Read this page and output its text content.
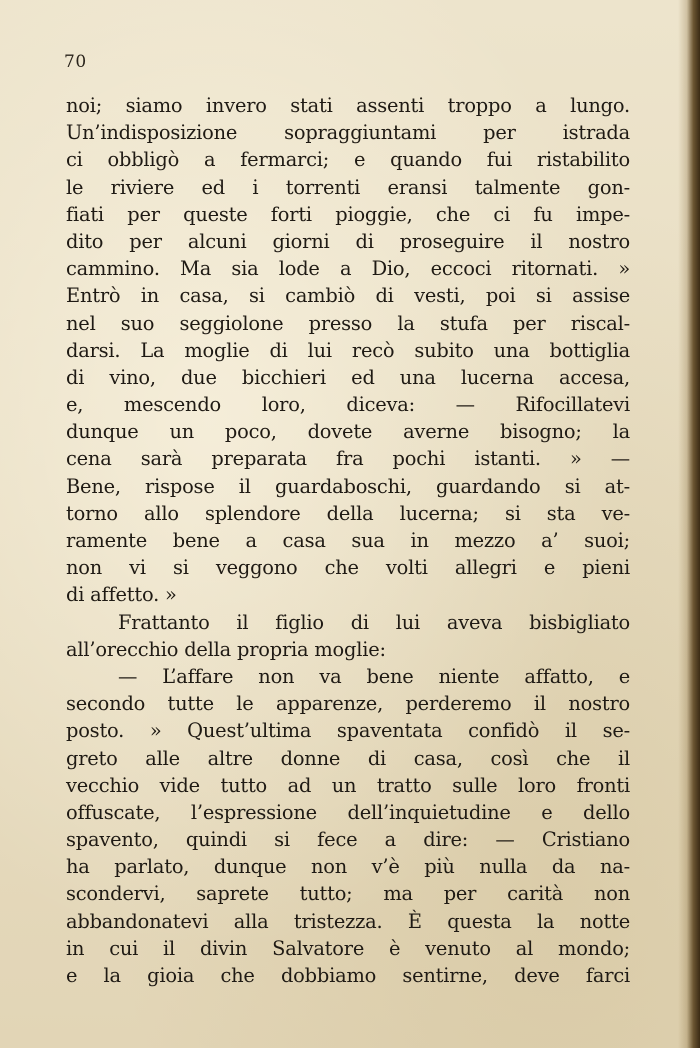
70
noi; siamo invero stati assenti troppo a lungo.
Un’indisposizione sopraggiuntami per istrada
ci obbligò a fermarci; e quando fui ristabilito
le riviere ed i torrenti eransi talmente gon-
fiati per queste forti pioggie, che ci fu impe-
dito per alcuni giorni di proseguire il nostro
cammino. Ma sia lode a Dio, eccoci ritornati. »
Entrò in casa, si cambiò di vesti, poi si assise
nel suo seggiolone presso la stufa per riscal-
darsi. La moglie di lui recò subito una bottiglia
di vino, due bicchieri ed una lucerna accesa,
e, mescendo loro, diceva: — Rifocillatevi
dunque un poco, dovete averne bisogno; la
cena sarà preparata fra pochi istanti. » —
Bene, rispose il guardaboschi, guardando si at-
torno allo splendore della lucerna; si sta ve-
ramente bene a casa sua in mezzo a’ suoi;
non vi si veggono che volti allegri e pieni
di affetto. »
Frattanto il figlio di lui aveva bisbigliato
all’orecchio della propria moglie:
— L’affare non va bene niente affatto, e
secondo tutte le apparenze, perderemo il nostro
posto. » Quest’ultima spaventata confidò il se-
greto alle altre donne di casa, così che il
vecchio vide tutto ad un tratto sulle loro fronti
offuscate, l’espressione dell’inquietudine e dello
spavento, quindi si fece a dire: — Cristiano
ha parlato, dunque non v’è più nulla da na-
scondervi, saprete tutto; ma per carità non
abbandonatevi alla tristezza. È questa la notte
in cui il divin Salvatore è venuto al mondo;
e la gioia che dobbiamo sentirne, deve farci
